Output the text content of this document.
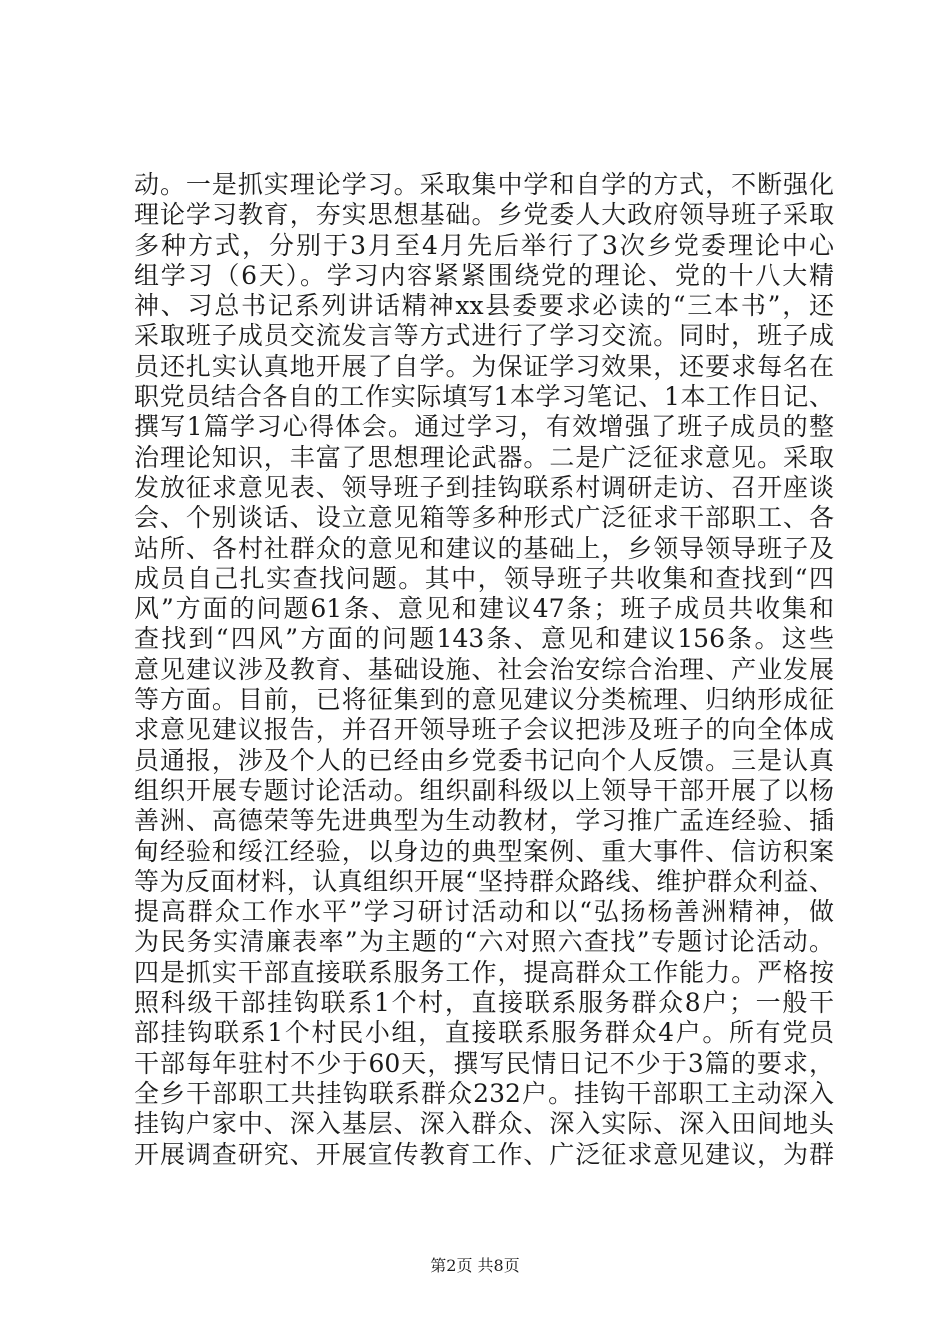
动。一是抓实理论学习。采取集中学和自学的方式，不断强化
理论学习教育，夯实思想基础。乡党委人大政府领导班子采取
多种方式，分别于3月至4月先后举行了3次乡党委理论中心
组学习（6天）。学习内容紧紧围绕党的理论、党的十八大精
神、习总书记系列讲话精神xx县委要求必读的“三本书”，还
采取班子成员交流发言等方式进行了学习交流。同时，班子成
员还扎实认真地开展了自学。为保证学习效果，还要求每名在
职党员结合各自的工作实际填写1本学习笔记、1本工作日记、
撰写1篇学习心得体会。通过学习，有效增强了班子成员的整
治理论知识，丰富了思想理论武器。二是广泛征求意见。采取
发放征求意见表、领导班子到挂钩联系村调研走访、召开座谈
会、个别谈话、设立意见箱等多种形式广泛征求干部职工、各
站所、各村社群众的意见和建议的基础上，乡领导领导班子及
成员自己扎实查找问题。其中，领导班子共收集和查找到“四
风”方面的问题61条、意见和建议47条；班子成员共收集和
查找到“四风”方面的问题143条、意见和建议156条。这些
意见建议涉及教育、基础设施、社会治安综合治理、产业发展
等方面。目前，已将征集到的意见建议分类梳理、归纳形成征
求意见建议报告，并召开领导班子会议把涉及班子的向全体成
员通报，涉及个人的已经由乡党委书记向个人反馈。三是认真
组织开展专题讨论活动。组织副科级以上领导干部开展了以杨
善洲、高德荣等先进典型为生动教材，学习推广孟连经验、插
甸经验和绥江经验，以身边的典型案例、重大事件、信访积案
等为反面材料，认真组织开展“坚持群众路线、维护群众利益、
提高群众工作水平”学习研讨活动和以“弘扬杨善洲精神，做
为民务实清廉表率”为主题的“六对照六查找”专题讨论活动。
四是抓实干部直接联系服务工作，提高群众工作能力。严格按
照科级干部挂钩联系1个村，直接联系服务群众8户；一般干
部挂钩联系1个村民小组，直接联系服务群众4户。所有党员
干部每年驻村不少于60天，撰写民情日记不少于3篇的要求，
全乡干部职工共挂钩联系群众232户。挂钩干部职工主动深入
挂钩户家中、深入基层、深入群众、深入实际、深入田间地头
开展调查研究、开展宣传教育工作、广泛征求意见建议，为群
第2页 共8页
